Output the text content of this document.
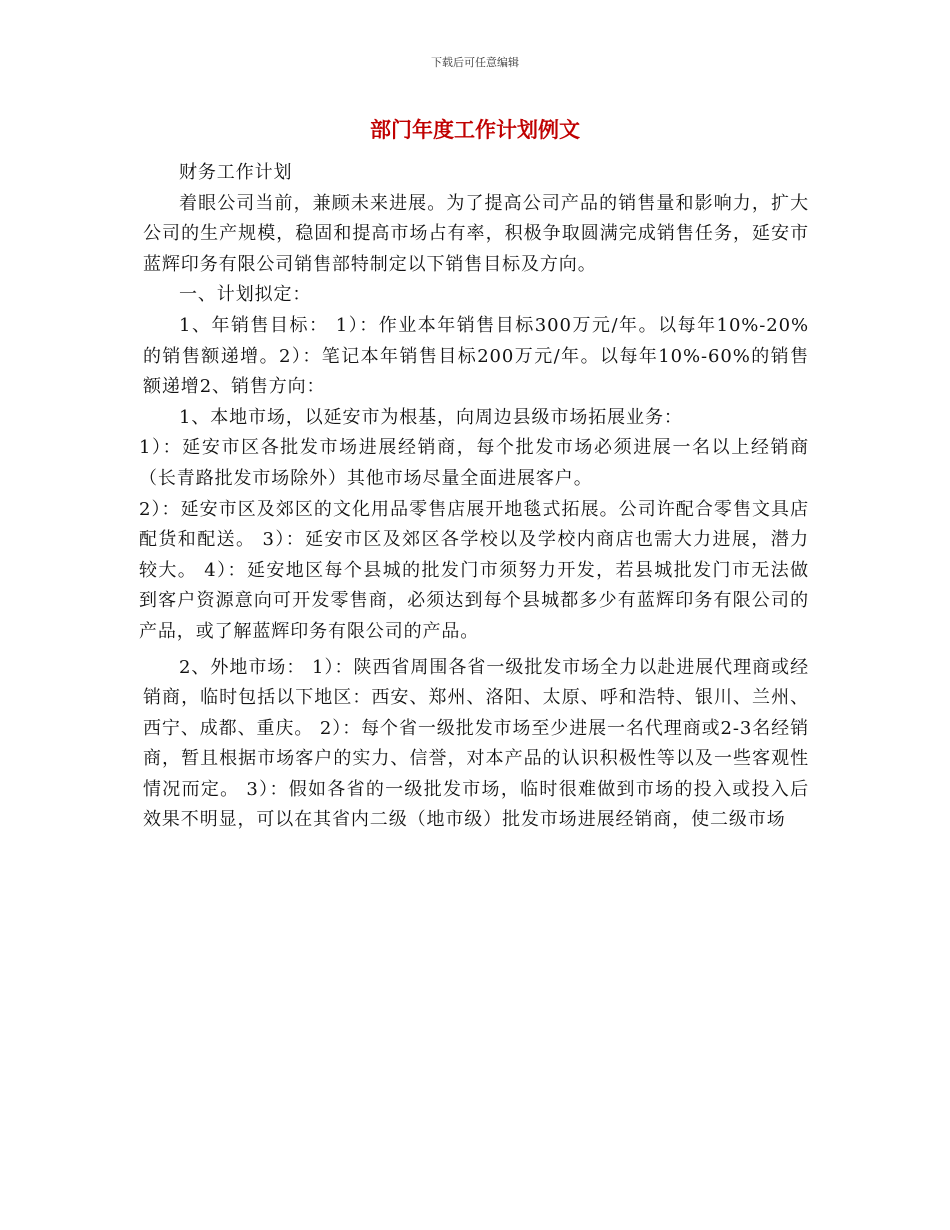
下载后可任意编辑
部门年度工作计划例文

财务工作计划

着眼公司当前，兼顾未来进展。为了提高公司产品的销售量和影响力，扩大公司的生产规模，稳固和提高市场占有率，积极争取圆满完成销售任务，延安市蓝辉印务有限公司销售部特制定以下销售目标及方向。

一、计划拟定：

1、年销售目标： 1）：作业本年销售目标300万元/年。以每年10%-20%的销售额递增。2）：笔记本年销售目标200万元/年。以每年10%-60%的销售额递增2、销售方向：

1、本地市场，以延安市为根基，向周边县级市场拓展业务：

1）：延安市区各批发市场进展经销商，每个批发市场必须进展一名以上经销商（长青路批发市场除外）其他市场尽量全面进展客户。

2）：延安市区及郊区的文化用品零售店展开地毯式拓展。公司许配合零售文具店配货和配送。 3）：延安市区及郊区各学校以及学校内商店也需大力进展，潜力较大。 4）：延安地区每个县城的批发门市须努力开发，若县城批发门市无法做到客户资源意向可开发零售商，必须达到每个县城都多少有蓝辉印务有限公司的产品，或了解蓝辉印务有限公司的产品。

2、外地市场： 1）：陕西省周围各省一级批发市场全力以赴进展代理商或经销商，临时包括以下地区：西安、郑州、洛阳、太原、呼和浩特、银川、兰州、西宁、成都、重庆。 2）：每个省一级批发市场至少进展一名代理商或2-3名经销商，暂且根据市场客户的实力、信誉，对本产品的认识积极性等以及一些客观性情况而定。 3）：假如各省的一级批发市场，临时很难做到市场的投入或投入后效果不明显，可以在其省内二级（地市级）批发市场进展经销商，使二级市场
